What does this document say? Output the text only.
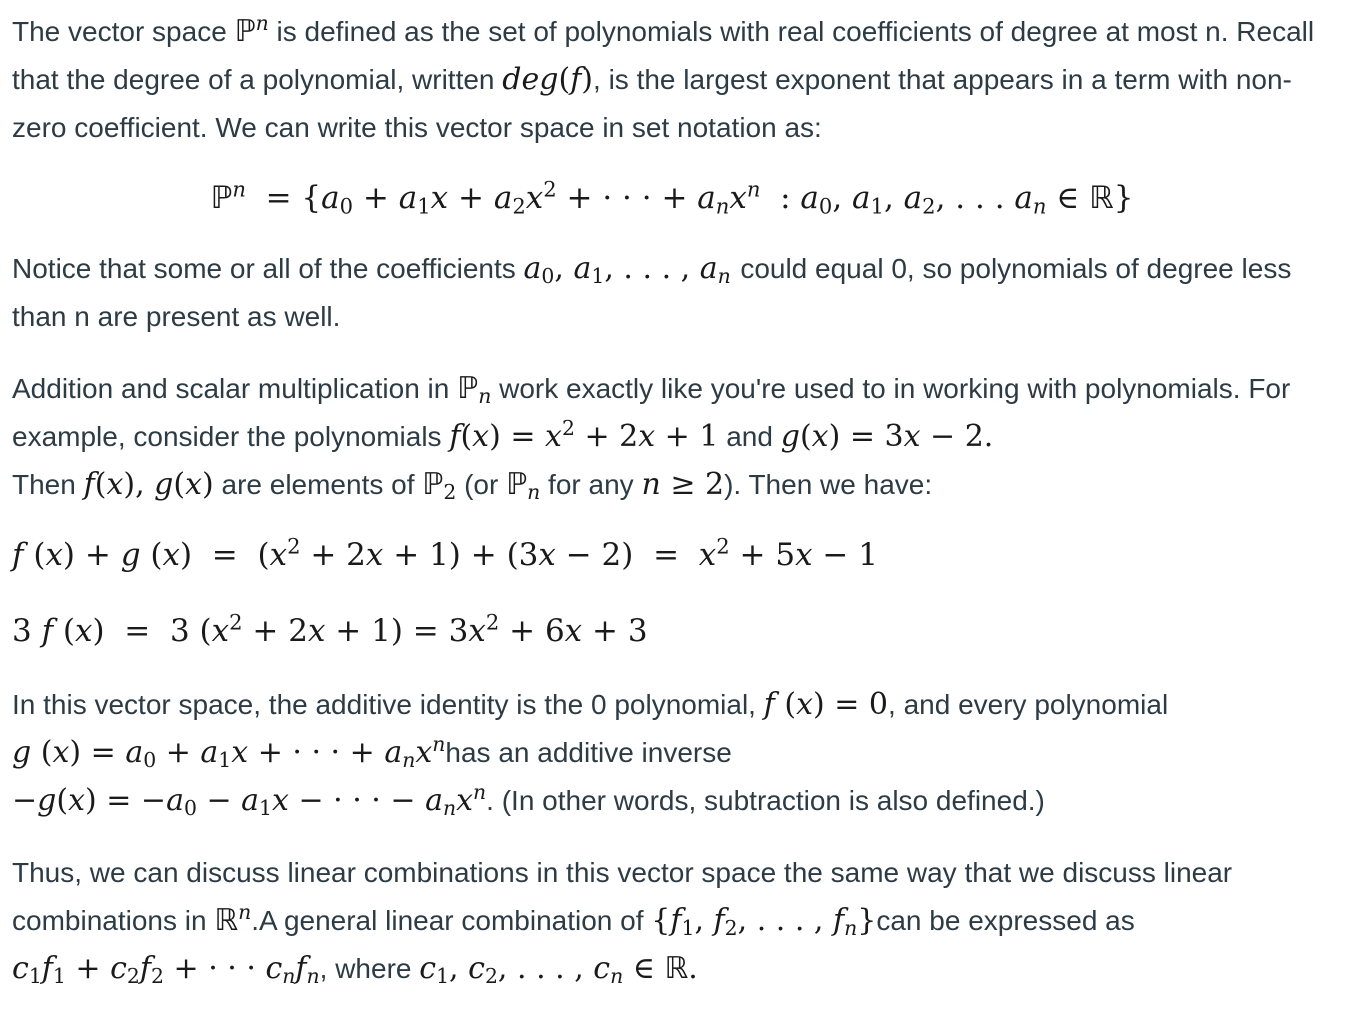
The vector space ℙ$^n$ is defined as the set of polynomials with real coefficients of degree at most n. Recall that the degree of a polynomial, written deg(f), is the largest exponent that appears in a term with non-zero coefficient. We can write this vector space in set notation as:

ℙ$^n$  = {$a_0 + a_1x + a_2x^2$ + · · · + $a_nx^n$  : $a_0$, $a_1$, $a_2$, . . . $a_n$ ∈ ℝ}

Notice that some or all of the coefficients $a_0$, $a_1$, . . . , $a_n$ could equal 0, so polynomials of degree less than n are present as well.

Addition and scalar multiplication in ℙ$_n$ work exactly like you're used to in working with polynomials. For example, consider the polynomials $f(x) = x^2 + 2x + 1$ and g(x) = 3x − 2.
Then f(x), g(x) are elements of ℙ$_2$ (or ℙ$_n$ for any n ≥ 2). Then we have:

f (x) + g $(x) = (x^2 + 2x + 1) + (3x - 2) = x^2 + 5x - 1$
3 f (x)  =  3 $(x^2 + 2x + 1) = 3x^2 + 6x + 3$

In this vector space, the additive identity is the 0 polynomial, f (x) = 0, and every polynomial
g $(x) = a_0 + a_1x$ + · · · + $a_nx^nhas$ an additive inverse
$-g(x) = -a_0 - a_1x$ − · · · − $a_nx^n$. (In other words, subtraction is also defined.)

Thus, we can discuss linear combinations in this vector space the same way that we discuss linear combinations in ℝ$^n$.A general linear combination of {$f_1$, $f_2$, . . . , $f_n\}can$ be expressed as $c_1f_1 + c_2f_2$ + · · · $c_nf_n$, where $c_1$, $c_2$, . . . , $c_n$ ∈ ℝ.
